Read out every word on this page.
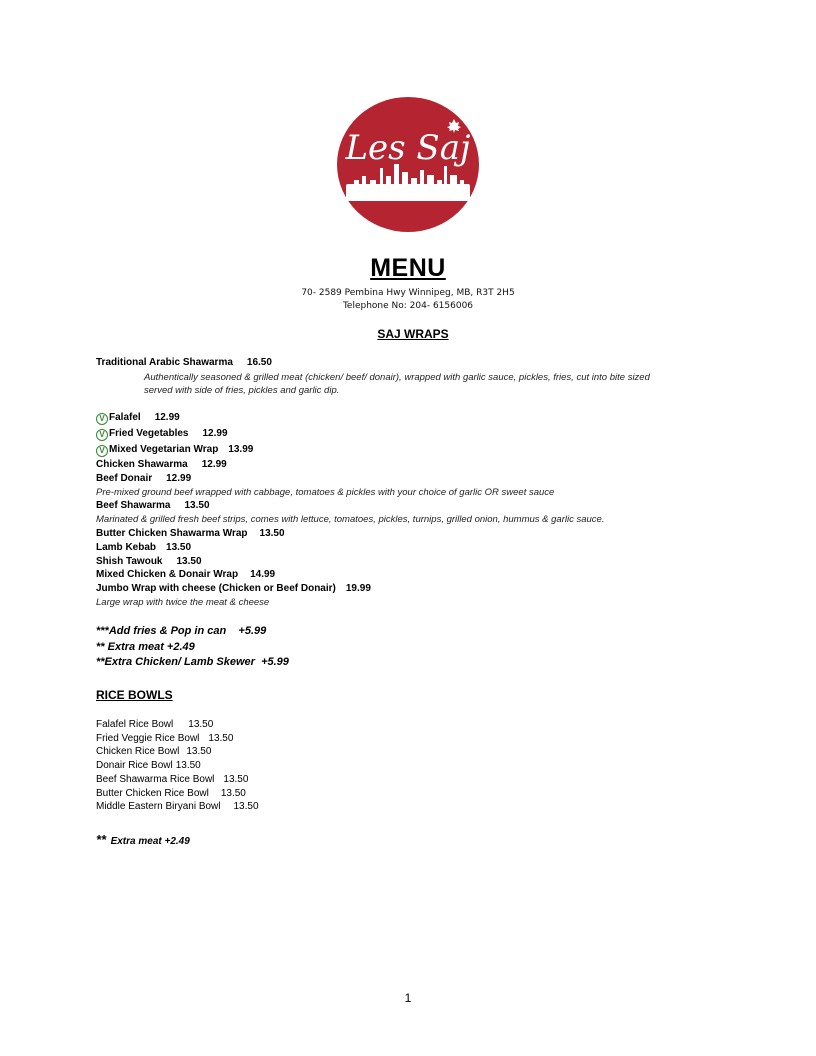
Les Saj
MENU
70- 2589 Pembina Hwy Winnipeg, MB, R3T 2H5
Telephone No: 204- 6156006
SAJ WRAPS
Traditional Arabic Shawarma 16.50
Authentically seasoned & grilled meat (chicken/ beef/ donair), wrapped with garlic sauce, pickles, fries, cut into bite sized
served with side of fries, pickles and garlic dip.
V Falafel 12.99
V Fried Vegetables 12.99
V Mixed Vegetarian Wrap 13.99
Chicken Shawarma 12.99
Beef Donair 12.99
Pre-mixed ground beef wrapped with cabbage, tomatoes & pickles with your choice of garlic OR sweet sauce
Beef Shawarma 13.50
Marinated & grilled fresh beef strips, comes with lettuce, tomatoes, pickles, turnips, grilled onion, hummus & garlic sauce.
Butter Chicken Shawarma Wrap 13.50
Lamb Kebab 13.50
Shish Tawouk 13.50
Mixed Chicken & Donair Wrap 14.99
Jumbo Wrap with cheese (Chicken or Beef Donair) 19.99
Large wrap with twice the meat & cheese
***Add fries & Pop in can    +5.99
** Extra meat +2.49
**Extra Chicken/ Lamb Skewer  +5.99
RICE BOWLS
Falafel Rice Bowl 13.50
Fried Veggie Rice Bowl 13.50
Chicken Rice Bowl 13.50
Donair Rice Bowl 13.50
Beef Shawarma Rice Bowl 13.50
Butter Chicken Rice Bowl 13.50
Middle Eastern Biryani Bowl 13.50
** Extra meat +2.49
1
